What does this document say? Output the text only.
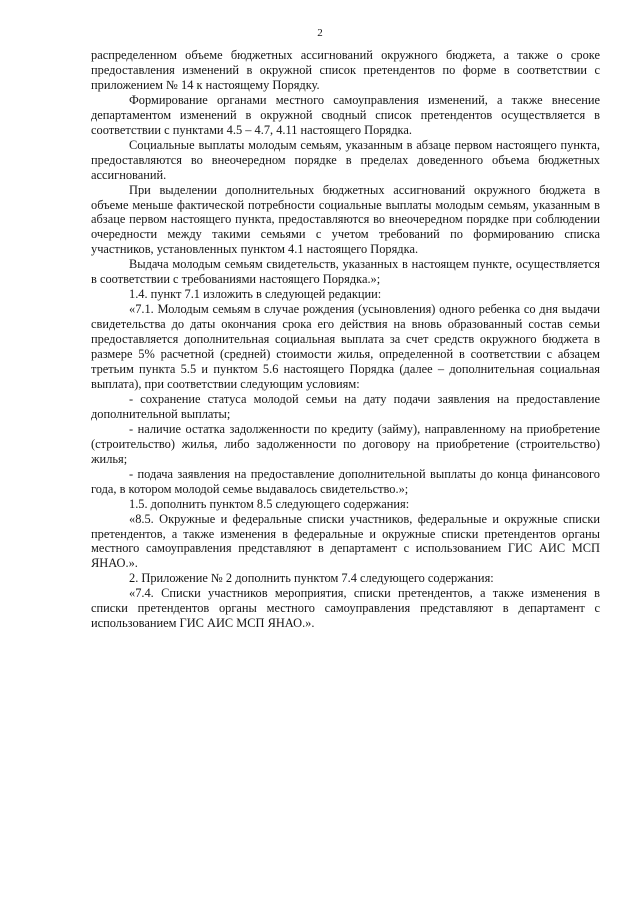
2

распределенном объеме бюджетных ассигнований окружного бюджета, а также о сроке предоставления изменений в окружной список претендентов по форме в соответствии с приложением № 14 к настоящему Порядку.

Формирование органами местного самоуправления изменений, а также внесение департаментом изменений в окружной сводный список претендентов осуществляется в соответствии с пунктами 4.5 – 4.7, 4.11 настоящего Порядка.

Социальные выплаты молодым семьям, указанным в абзаце первом настоящего пункта, предоставляются во внеочередном порядке в пределах доведенного объема бюджетных ассигнований.

При выделении дополнительных бюджетных ассигнований окружного бюджета в объеме меньше фактической потребности социальные выплаты молодым семьям, указанным в абзаце первом настоящего пункта, предоставляются во внеочередном порядке при соблюдении очередности между такими семьями с учетом требований по формированию списка участников, установленных пунктом 4.1 настоящего Порядка.

Выдача молодым семьям свидетельств, указанных в настоящем пункте, осуществляется в соответствии с требованиями настоящего Порядка.»;

1.4. пункт 7.1 изложить в следующей редакции:

«7.1. Молодым семьям в случае рождения (усыновления) одного ребенка со дня выдачи свидетельства до даты окончания срока его действия на вновь образованный состав семьи предоставляется дополнительная социальная выплата за счет средств окружного бюджета в размере 5% расчетной (средней) стоимости жилья, определенной в соответствии с абзацем третьим пункта 5.5 и пунктом 5.6 настоящего Порядка (далее – дополнительная социальная выплата), при соответствии следующим условиям:

- сохранение статуса молодой семьи на дату подачи заявления на предоставление дополнительной выплаты;

- наличие остатка задолженности по кредиту (займу), направленному на приобретение (строительство) жилья, либо задолженности по договору на приобретение (строительство) жилья;

- подача заявления на предоставление дополнительной выплаты до конца финансового года, в котором молодой семье выдавалось свидетельство.»;

1.5. дополнить пунктом 8.5 следующего содержания:

«8.5. Окружные и федеральные списки участников, федеральные и окружные списки претендентов, а также изменения в федеральные и окружные списки претендентов органы местного самоуправления представляют в департамент с использованием ГИС АИС МСП ЯНАО.».

2. Приложение № 2 дополнить пунктом 7.4 следующего содержания:

«7.4. Списки участников мероприятия, списки претендентов, а также изменения в списки претендентов органы местного самоуправления представляют в департамент с использованием ГИС АИС МСП ЯНАО.».
